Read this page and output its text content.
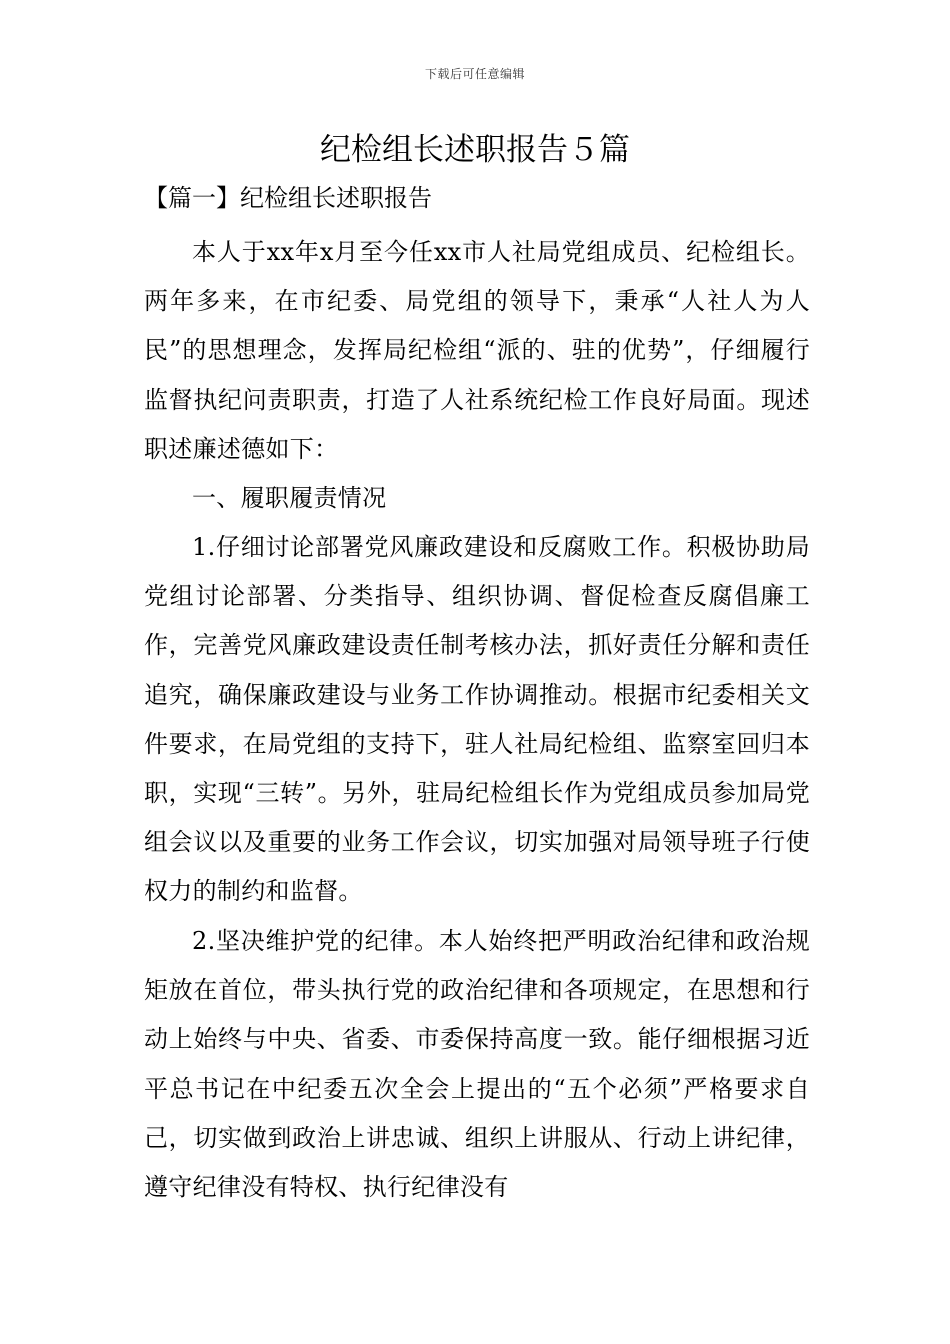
下载后可任意编辑
纪检组长述职报告５篇
【篇一】纪检组长述职报告

本人于xx年x月至今任xx市人社局党组成员、纪检组长。两年多来，在市纪委、局党组的领导下，秉承“人社人为人民”的思想理念，发挥局纪检组“派的、驻的优势”，仔细履行监督执纪问责职责，打造了人社系统纪检工作良好局面。现述职述廉述德如下：

一、履职履责情况

1.仔细讨论部署党风廉政建设和反腐败工作。积极协助局党组讨论部署、分类指导、组织协调、督促检查反腐倡廉工作，完善党风廉政建设责任制考核办法，抓好责任分解和责任追究，确保廉政建设与业务工作协调推动。根据市纪委相关文件要求，在局党组的支持下，驻人社局纪检组、监察室回归本职，实现“三转”。另外，驻局纪检组长作为党组成员参加局党组会议以及重要的业务工作会议，切实加强对局领导班子行使权力的制约和监督。

2.坚决维护党的纪律。本人始终把严明政治纪律和政治规矩放在首位，带头执行党的政治纪律和各项规定，在思想和行动上始终与中央、省委、市委保持高度一致。能仔细根据习近平总书记在中纪委五次全会上提出的“五个必须”严格要求自己，切实做到政治上讲忠诚、组织上讲服从、行动上讲纪律，遵守纪律没有特权、执行纪律没有
